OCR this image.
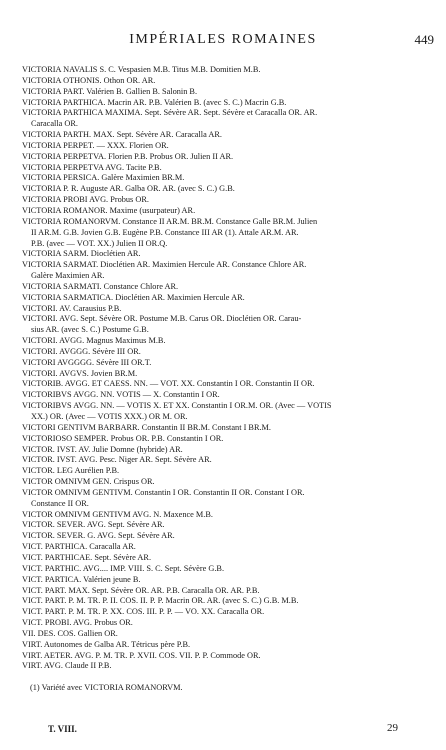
IMPÉRIALES ROMAINES	449
VICTORIA NAVALIS S. C. Vespasien M.B. Titus M.B. Domitien M.B.
VICTORIA OTHONIS. Othon OR. AR.
VICTORIA PART. Valérien B. Gallien B. Salonin B.
VICTORIA PARTHICA. Macrin AR. P.B. Valérien B. (avec S. C.) Macrin G.B.
VICTORIA PARTHICA MAXIMA. Sept. Sévère AR. Sept. Sévère et Caracalla OR. AR.
Caracalla OR.
VICTORIA PARTH. MAX. Sept. Sévère AR. Caracalla AR.
VICTORIA PERPET. — XXX. Florien OR.
VICTORIA PERPETVA. Florien P.B. Probus OR. Julien II AR.
VICTORIA PERPETVA AVG. Tacite P.B.
VICTORIA PERSICA. Galère Maximien BR.M.
VICTORIA P. R. Auguste AR. Galba OR. AR. (avec S. C.) G.B.
VICTORIA PROBI AVG. Probus OR.
VICTORIA ROMANOR. Maxime (usurpateur) AR.
VICTORIA ROMANORVM. Constance II AR.M. BR.M. Constance Galle BR.M. Julien
II AR.M. G.B. Jovien G.B. Eugène P.B. Constance III AR (1). Attale AR.M. AR.
P.B. (avec — VOT. XX.) Julien II OR.Q.
VICTORIA SARM. Dioclétien AR.
VICTORIA SARMAT. Dioclétien AR. Maximien Hercule AR. Constance Chlore AR.
Galère Maximien AR.
VICTORIA SARMATI. Constance Chlore AR.
VICTORIA SARMATICA. Dioclétien AR. Maximien Hercule AR.
VICTORI. AV. Carausius P.B.
VICTORI. AVG. Sept. Sévère OR. Postume M.B. Carus OR. Dioclétien OR. Carau-
sius AR. (avec S. C.) Postume G.B.
VICTORI. AVGG. Magnus Maximus M.B.
VICTORI. AVGGG. Sévère III OR.
VICTORI AVGGGG. Sévère III OR.T.
VICTORI. AVGVS. Jovien BR.M.
VICTORIB. AVGG. ET CAESS. NN. — VOT. XX. Constantin I OR. Constantin II OR.
VICTORIBVS AVGG. NN. VOTIS — X. Constantin I OR.
VICTORIBVS AVGG. NN. — VOTIS X. ET XX. Constantin I OR.M. OR. (Avec — VOTIS
XX.) OR. (Avec — VOTIS XXX.) OR M. OR.
VICTORI GENTIVM BARBARR. Constantin II BR.M. Constant I BR.M.
VICTORIOSO SEMPER. Probus OR. P.B. Constantin I OR.
VICTOR. IVST. AV. Julie Domne (hybride) AR.
VICTOR. IVST. AVG. Pesc. Niger AR. Sept. Sévère AR.
VICTOR. LEG Aurélien P.B.
VICTOR OMNIVM GEN. Crispus OR.
VICTOR OMNIVM GENTIVM. Constantin I OR. Constantin II OR. Constant I OR.
Constance II OR.
VICTOR OMNIVM GENTIVM AVG. N. Maxence M.B.
VICTOR. SEVER. AVG. Sept. Sévère AR.
VICTOR. SEVER. G. AVG. Sept. Sévère AR.
VICT. PARTHICA. Caracalla AR.
VICT. PARTHICAE. Sept. Sévère AR.
VICT. PARTHIC. AVG.... IMP. VIII. S. C. Sept. Sévère G.B.
VICT. PARTICA. Valérien jeune B.
VICT. PART. MAX. Sept. Sévère OR. AR. P.B. Caracalla OR. AR. P.B.
VICT. PART. P. M. TR. P. II. COS. II. P. P. Macrin OR. AR. (avec S. C.) G.B. M.B.
VICT. PART. P. M. TR. P. XX. COS. III. P. P. — VO. XX. Caracalla OR.
VICT. PROBI. AVG. Probus OR.
VII. DES. COS. Gallien OR.
VIRT. Autonomes de Galba AR. Tétricus père P.B.
VIRT. AETER. AVG. P. M. TR. P. XVII. COS. VII. P. P. Commode OR.
VIRT. AVG. Claude II P.B.
(1) Variété avec VICTORIA ROMANORVM.
T. VIII.	29
